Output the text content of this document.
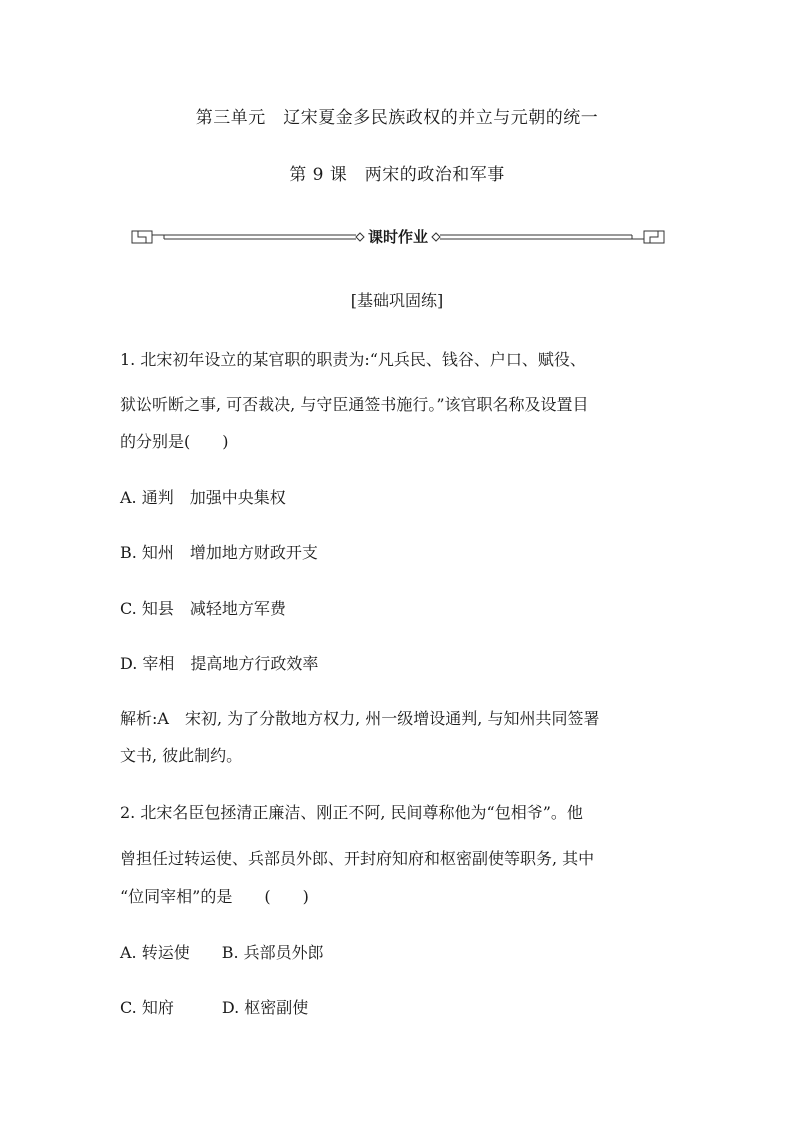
第三单元　辽宋夏金多民族政权的并立与元朝的统一
第 9 课　两宋的政治和军事
课时作业
[基础巩固练]
1. 北宋初年设立的某官职的职责为:“凡兵民、钱谷、户口、赋役、
狱讼听断之事, 可否裁决, 与守臣通签书施行。”该官职名称及设置目
的分别是(　　)
A. 通判　加强中央集权
B. 知州　增加地方财政开支
C. 知县　减轻地方军费
D. 宰相　提高地方行政效率
解析:A　宋初, 为了分散地方权力, 州一级增设通判, 与知州共同签署
文书, 彼此制约。
2. 北宋名臣包拯清正廉洁、刚正不阿, 民间尊称他为“包相爷”。他
曾担任过转运使、兵部员外郎、开封府知府和枢密副使等职务, 其中
“位同宰相”的是　　(　　)
A. 转运使　　B. 兵部员外郎
C. 知府　　　D. 枢密副使
